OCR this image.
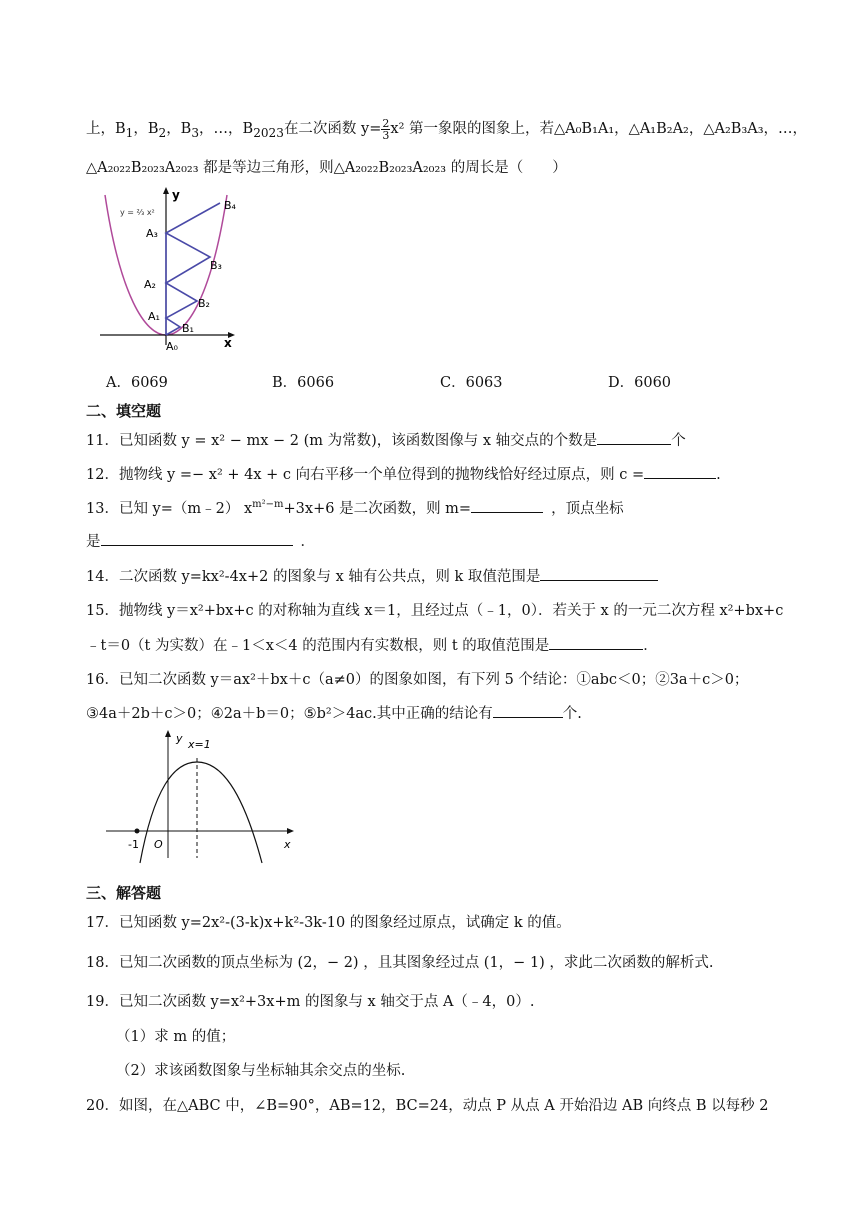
上，$B_1$，$B_2$，$B_3$，…，$B_{2023}$在二次函数 $y= \frac{2}{3} x^2$ 第一象限的图象上，若△A₀B₁A₁，△A₁B₂A₂，△A₂B₃A₃，…，
△A₂₀₂₂B₂₀₂₃A₂₀₂₃ 都是等边三角形，则△A₂₀₂₂B₂₀₂₃A₂₀₂₃ 的周长是（　　）
y = ⅔ x²
y
x
A₀
B₁
A₁
B₂
A₂
B₃
A₃
B₄
A．6069	B．6066	C．6063	D．6060
二、填空题
11．已知函数 y = x² − mx − 2 (m 为常数)，该函数图像与 x 轴交点的个数是	个
12．抛物线 y =− x² + 4x + c 向右平移一个单位得到的抛物线恰好经过原点，则 c =	.
13．已知 y=（m﹣2） $x^{m^2-m}+3x+6$ 是二次函数，则 m=	，顶点坐标
是	．
14．二次函数 y=kx²-4x+2 的图象与 x 轴有公共点，则 k 取值范围是
15．抛物线 y＝x²+bx+c 的对称轴为直线 x＝1，且经过点（﹣1，0）．若关于 x 的一元二次方程 x²+bx+c
﹣t＝0（t 为实数）在﹣1＜x＜4 的范围内有实数根，则 t 的取值范围是	．
16．已知二次函数 y＝ax²＋bx＋c（a≠0）的图象如图，有下列 5 个结论：①abc＜0；②3a＋c＞0；
③4a＋2b＋c＞0；④2a＋b＝0；⑤b²＞4ac.其中正确的结论有	个.
x=1
y
x
O
-1
三、解答题
17．已知函数 y=2x²-(3-k)x+k²-3k-10 的图象经过原点，试确定 k 的值。
18．已知二次函数的顶点坐标为 (2，− 2) ，且其图象经过点 (1，− 1) ，求此二次函数的解析式.
19．已知二次函数 y=x²+3x+m 的图象与 x 轴交于点 A（﹣4，0）.
（1）求 m 的值；
（2）求该函数图象与坐标轴其余交点的坐标.
20．如图，在△ABC 中，∠B=90°，AB=12，BC=24，动点 P 从点 A 开始沿边 AB 向终点 B 以每秒 2
